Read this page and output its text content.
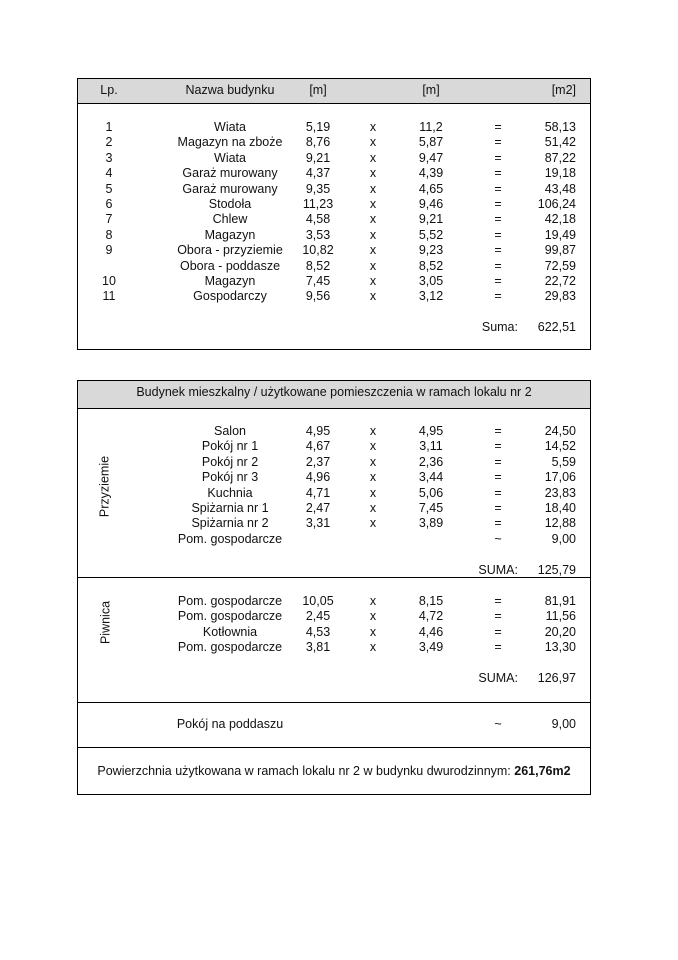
Lp.	Nazwa budynku	[m]	[m]	[m2]
1	Wiata	5,19	x	11,2	=	58,13
2	Magazyn na zboże	8,76	x	5,87	=	51,42
3	Wiata	9,21	x	9,47	=	87,22
4	Garaż murowany	4,37	x	4,39	=	19,18
5	Garaż murowany	9,35	x	4,65	=	43,48
6	Stodoła	11,23	x	9,46	=	106,24
7	Chlew	4,58	x	9,21	=	42,18
8	Magazyn	3,53	x	5,52	=	19,49
9	Obora - przyziemie	10,82	x	9,23	=	99,87
Obora - poddasze	8,52	x	8,52	=	72,59
10	Magazyn	7,45	x	3,05	=	22,72
11	Gospodarczy	9,56	x	3,12	=	29,83
Suma:	622,51
Budynek mieszkalny / użytkowane pomieszczenia w ramach lokalu nr 2
Przyziemie
Salon	4,95	x	4,95	=	24,50
Pokój nr 1	4,67	x	3,11	=	14,52
Pokój nr 2	2,37	x	2,36	=	5,59
Pokój nr 3	4,96	x	3,44	=	17,06
Kuchnia	4,71	x	5,06	=	23,83
Spiżarnia nr 1	2,47	x	7,45	=	18,40
Spiżarnia nr 2	3,31	x	3,89	=	12,88
Pom. gospodarcze	~	9,00
SUMA:	125,79
Piwnica	Pom. gospodarcze	10,05	x	8,15	=	81,91
Pom. gospodarcze	2,45	x	4,72	=	11,56
Kotłownia	4,53	x	4,46	=	20,20
Pom. gospodarcze	3,81	x	3,49	=	13,30
SUMA:	126,97
Pokój na poddaszu	~	9,00
Powierzchnia użytkowana w ramach lokalu nr 2 w budynku dwurodzinnym: 261,76m2
